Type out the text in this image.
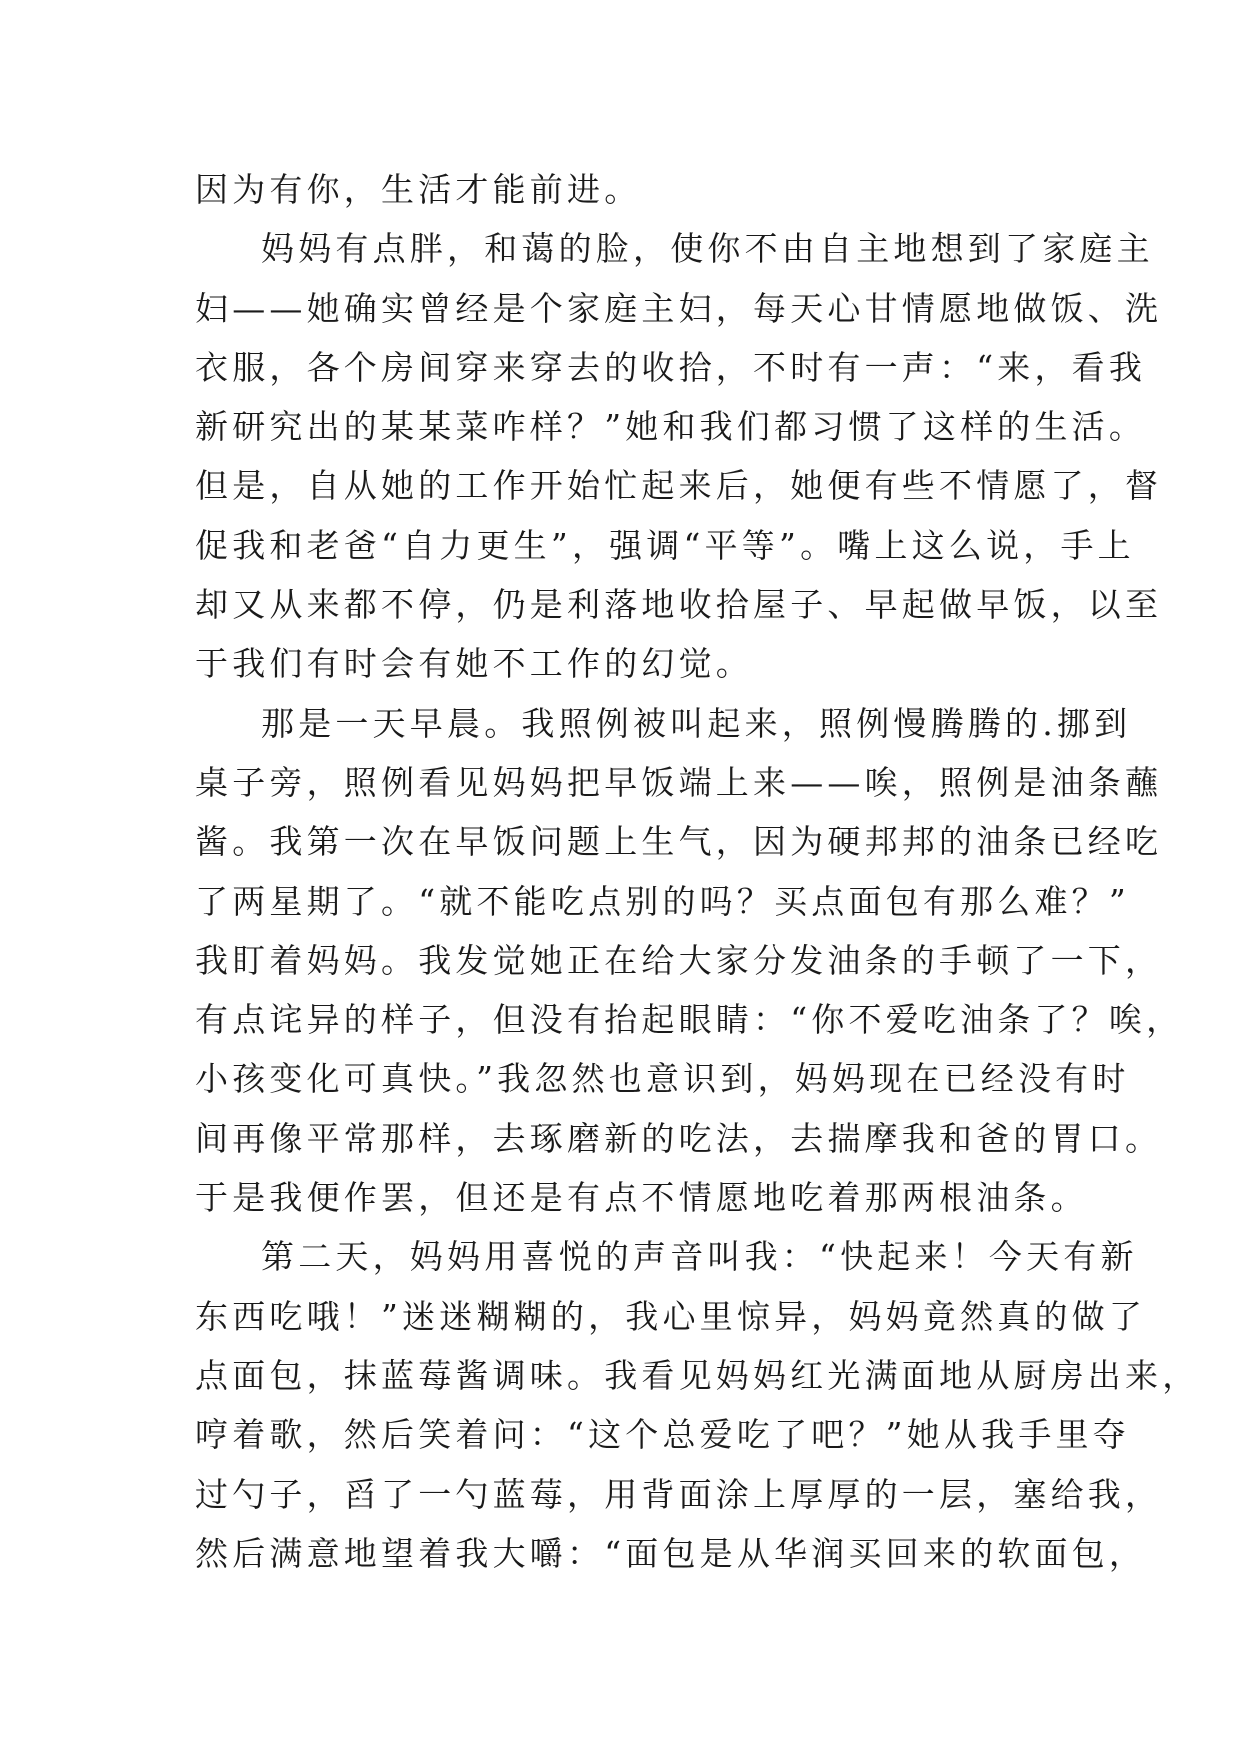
因为有你，生活才能前进。
妈妈有点胖，和蔼的脸，使你不由自主地想到了家庭主
妇——她确实曾经是个家庭主妇，每天心甘情愿地做饭、洗
衣服，各个房间穿来穿去的收拾，不时有一声：“来，看我
新研究出的某某菜咋样？”她和我们都习惯了这样的生活。
但是，自从她的工作开始忙起来后，她便有些不情愿了，督
促我和老爸“自力更生”，强调“平等”。嘴上这么说，手上
却又从来都不停，仍是利落地收拾屋子、早起做早饭，以至
于我们有时会有她不工作的幻觉。
那是一天早晨。我照例被叫起来，照例慢腾腾的.挪到
桌子旁，照例看见妈妈把早饭端上来——唉，照例是油条蘸
酱。我第一次在早饭问题上生气，因为硬邦邦的油条已经吃
了两星期了。“就不能吃点别的吗？买点面包有那么难？”
我盯着妈妈。我发觉她正在给大家分发油条的手顿了一下，
有点诧异的样子，但没有抬起眼睛：“你不爱吃油条了？唉，
小孩变化可真快。”我忽然也意识到，妈妈现在已经没有时
间再像平常那样，去琢磨新的吃法，去揣摩我和爸的胃口。
于是我便作罢，但还是有点不情愿地吃着那两根油条。
第二天，妈妈用喜悦的声音叫我：“快起来！今天有新
东西吃哦！”迷迷糊糊的，我心里惊异，妈妈竟然真的做了
点面包，抹蓝莓酱调味。我看见妈妈红光满面地从厨房出来，
哼着歌，然后笑着问：“这个总爱吃了吧？”她从我手里夺
过勺子，舀了一勺蓝莓，用背面涂上厚厚的一层，塞给我，
然后满意地望着我大嚼：“面包是从华润买回来的软面包，
